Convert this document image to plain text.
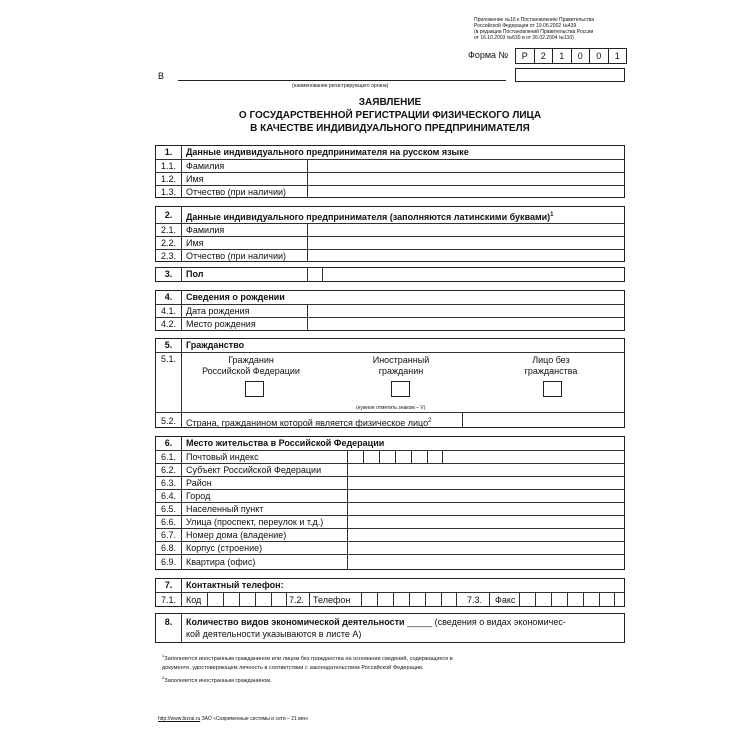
Приложение №16 к Постановлению Правительства
Российской Федерации от 19.06.2002 №439
(в редакции Постановлений Правительства России
от 16.10.2003 №630 и от 26.02.2004 №110)
Форма №	Р	2	1	0	0	1
В
(наименование регистрирующего органа)
ЗАЯВЛЕНИЕ
О ГОСУДАРСТВЕННОЙ РЕГИСТРАЦИИ ФИЗИЧЕСКОГО ЛИЦА
В КАЧЕСТВЕ ИНДИВИДУАЛЬНОГО ПРЕДПРИНИМАТЕЛЯ
1.	Данные индивидуального предпринимателя на русском языке
1.1.	Фамилия
1.2.	Имя
1.3.	Отчество (при наличии)
2.	Данные индивидуального предпринимателя (заполняются латинскими буквами)$^1$
2.1.	Фамилия
2.2.	Имя
2.3.	Отчество (при наличии)
3.	Пол
4.	Сведения о рождении
4.1.	Дата рождения
4.2.	Место рождения
5.	Гражданство
5.1.	Гражданин
Российской Федерации
Иностранный
гражданин
Лицо без
гражданства
(нужное отметить знаком – V)
5.2.	Страна, гражданином которой является физическое лицо$^2$
6.	Место жительства в Российской Федерации
6.1.	Почтовый индекс
6.2.	Субъект Российской Федерации
6.3.	Район
6.4.	Город
6.5.	Населенный пункт
6.6.	Улица (проспект, переулок и т.д.)
6.7.	Номер дома (владение)
6.8.	Корпус (строение)
6.9.	Квартира (офис)
7.	Контактный телефон:
7.1.	Код	7.2. Телефон	7.3. Факс
8.	Количество видов экономической деятельности _____ (сведения о видах экономичес-
кой деятельности указываются в листе А)
$^1$Заполняется иностранным гражданином или лицом без гражданства на основании сведений, содержащихся в
документе, удостоверяющем личность в соответствии с законодательством Российской Федерации.
$^2$Заполняется иностранным гражданином.
http://www.bizrai.ru ЗАО «Современные системы и сети – 21 век»
